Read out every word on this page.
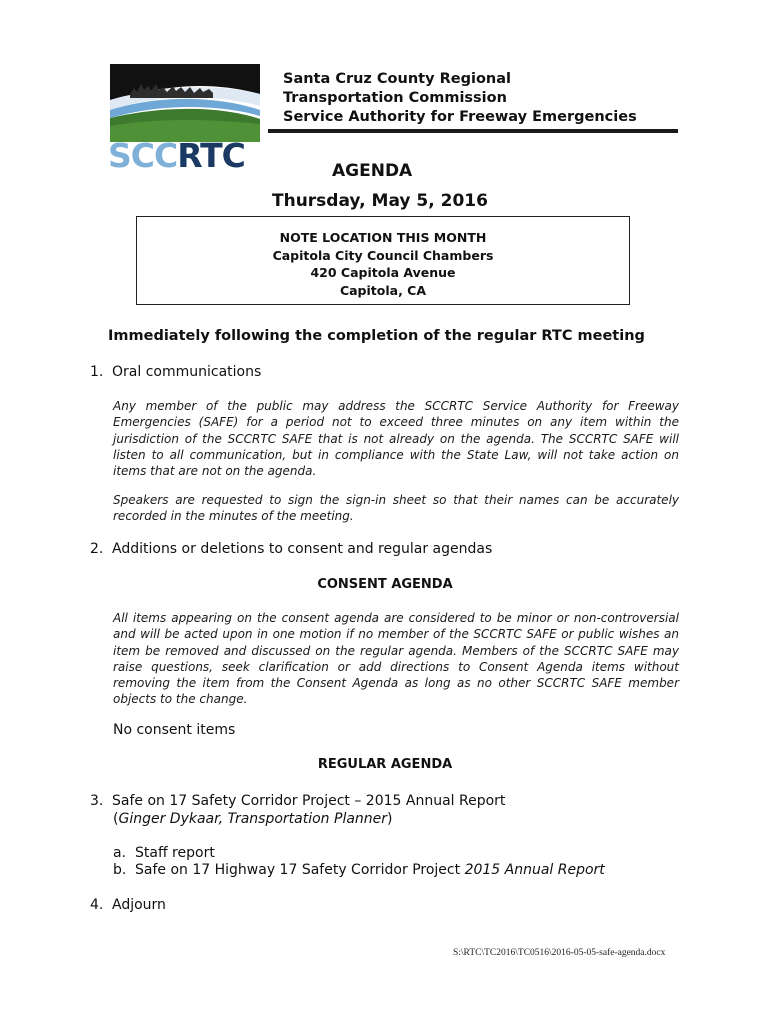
SCCRTC
Santa Cruz County Regional
Transportation Commission
Service Authority for Freeway Emergencies
AGENDA
Thursday, May 5, 2016
NOTE LOCATION THIS MONTH
Capitola City Council Chambers
420 Capitola Avenue
Capitola, CA
Immediately following the completion of the regular RTC meeting
1. Oral communications
Any member of the public may address the SCCRTC Service Authority for Freeway Emergencies (SAFE) for a period not to exceed three minutes on any item within the jurisdiction of the SCCRTC SAFE that is not already on the agenda. The SCCRTC SAFE will listen to all communication, but in compliance with the State Law, will not take action on items that are not on the agenda.
Speakers are requested to sign the sign-in sheet so that their names can be accurately recorded in the minutes of the meeting.
2. Additions or deletions to consent and regular agendas
CONSENT AGENDA
All items appearing on the consent agenda are considered to be minor or non-controversial and will be acted upon in one motion if no member of the SCCRTC SAFE or public wishes an item be removed and discussed on the regular agenda. Members of the SCCRTC SAFE may raise questions, seek clarification or add directions to Consent Agenda items without removing the item from the Consent Agenda as long as no other SCCRTC SAFE member objects to the change.
No consent items
REGULAR AGENDA
3. Safe on 17 Safety Corridor Project – 2015 Annual Report
(Ginger Dykaar, Transportation Planner)
a. Staff report
b. Safe on 17 Highway 17 Safety Corridor Project 2015 Annual Report
4. Adjourn
S:\RTC\TC2016\TC0516\2016-05-05-safe-agenda.docx
